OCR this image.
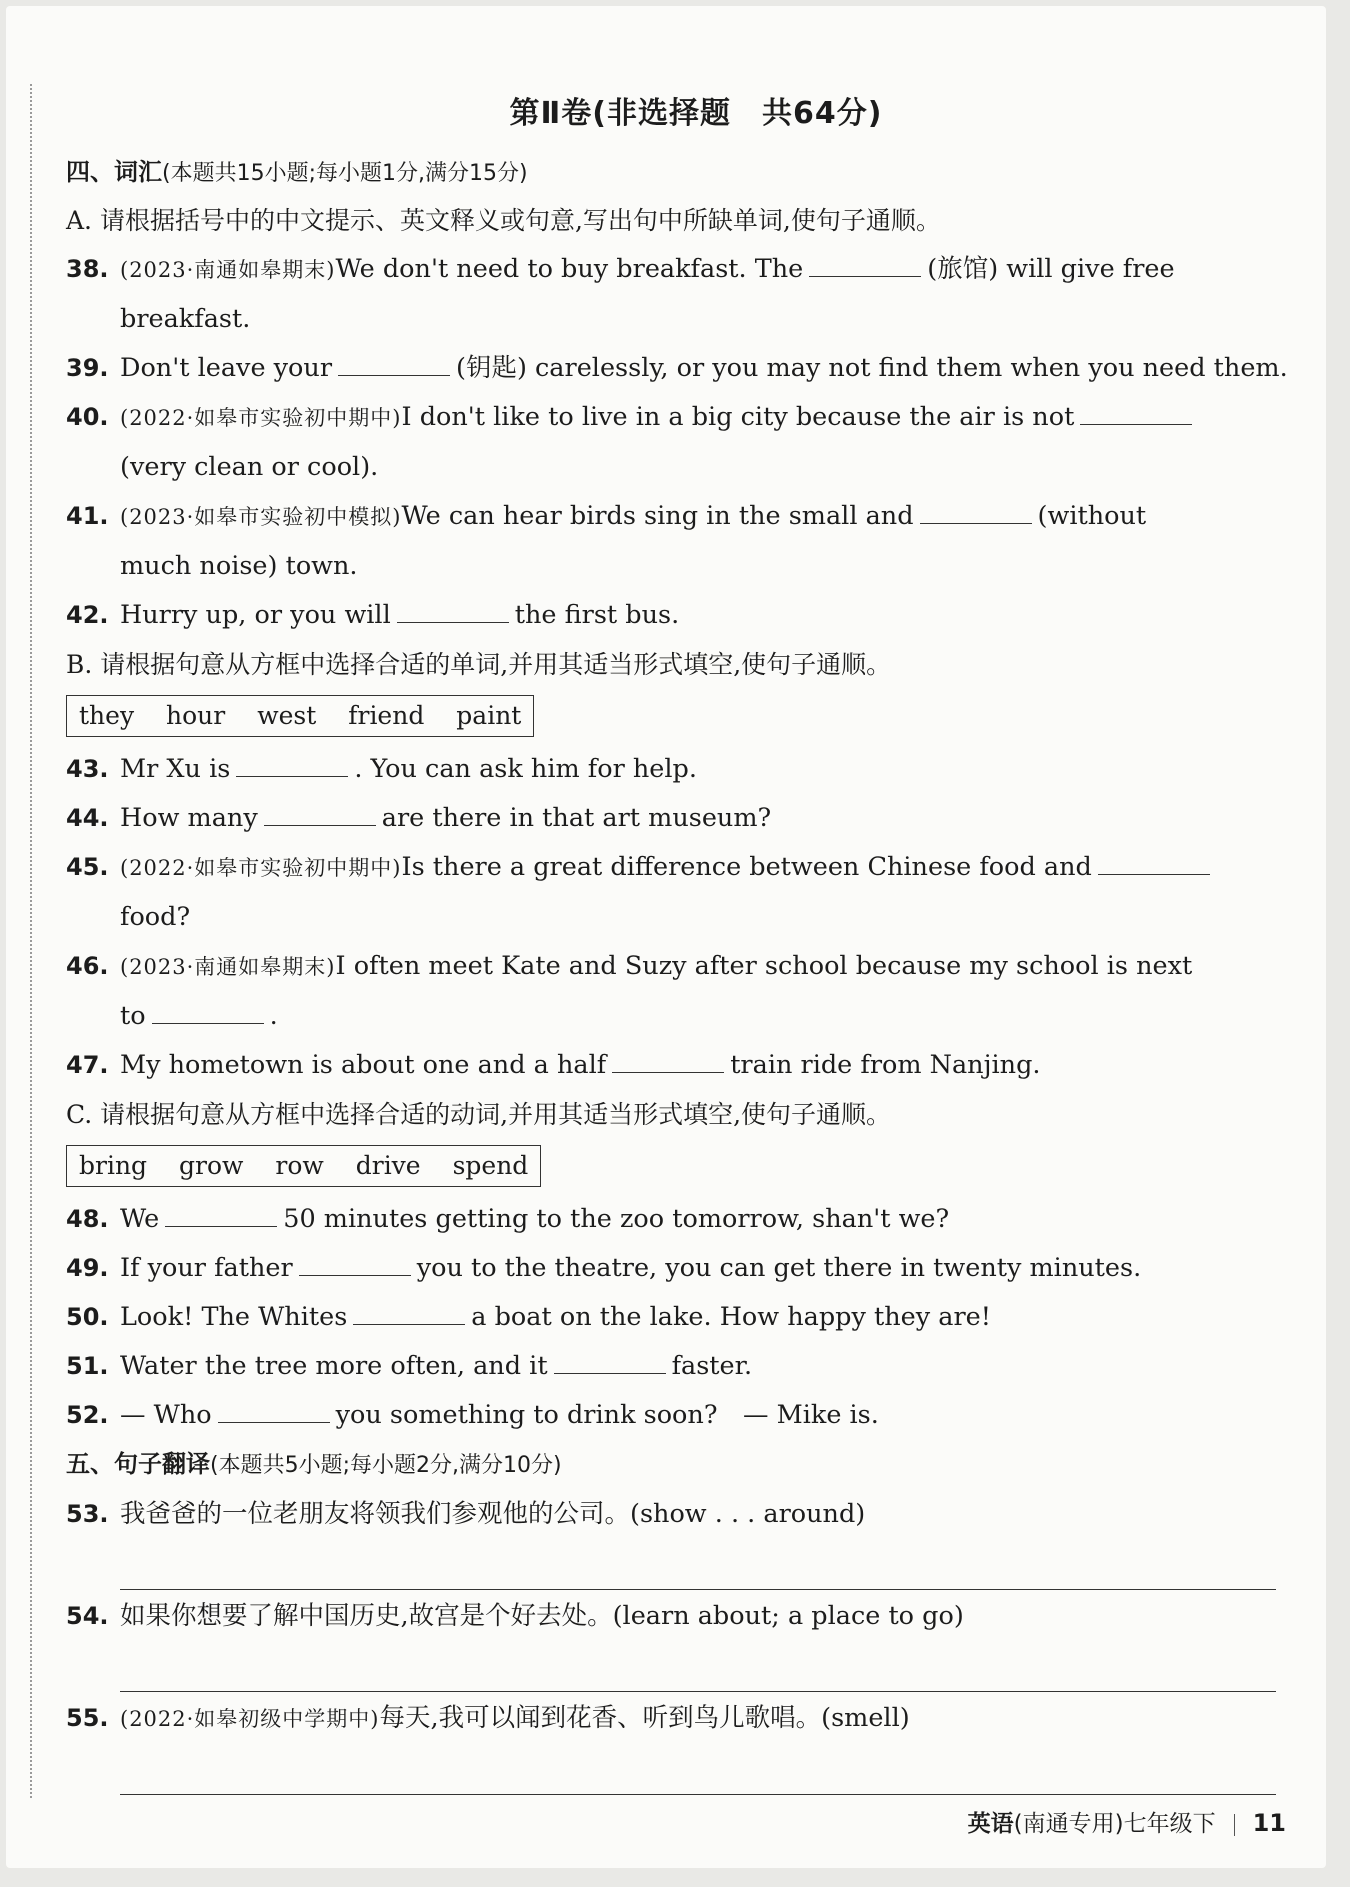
第Ⅱ卷(非选择题　共64分)
四、词汇(本题共15小题;每小题1分,满分15分)
A. 请根据括号中的中文提示、英文释义或句意,写出句中所缺单词,使句子通顺。
38. (2023·南通如皋期末)We don't need to buy breakfast. The	(旅馆) will give free
breakfast.
39. Don't leave your	(钥匙) carelessly, or you may not find them when you need them.
40. (2022·如皋市实验初中期中)I don't like to live in a big city because the air is not
(very clean or cool).
41. (2023·如皋市实验初中模拟)We can hear birds sing in the small and	(without
much noise) town.
42. Hurry up, or you will	the first bus.
B. 请根据句意从方框中选择合适的单词,并用其适当形式填空,使句子通顺。
they hour west friend paint
43. Mr Xu is	. You can ask him for help.
44. How many	are there in that art museum?
45. (2022·如皋市实验初中期中)Is there a great difference between Chinese food and
food?
46. (2023·南通如皋期末)I often meet Kate and Suzy after school because my school is next
to	.
47. My hometown is about one and a half	train ride from Nanjing.
C. 请根据句意从方框中选择合适的动词,并用其适当形式填空,使句子通顺。
bring grow row drive spend
48. We	50 minutes getting to the zoo tomorrow, shan't we?
49. If your father	you to the theatre, you can get there in twenty minutes.
50. Look! The Whites	a boat on the lake. How happy they are!
51. Water the tree more often, and it	faster.
52. — Who	you something to drink soon?　— Mike is.
五、句子翻译(本题共5小题;每小题2分,满分10分)
53. 我爸爸的一位老朋友将领我们参观他的公司。(show . . . around)
54. 如果你想要了解中国历史,故宫是个好去处。(learn about; a place to go)
55. (2022·如皋初级中学期中)每天,我可以闻到花香、听到鸟儿歌唱。(smell)
英语(南通专用)七年级下 11
